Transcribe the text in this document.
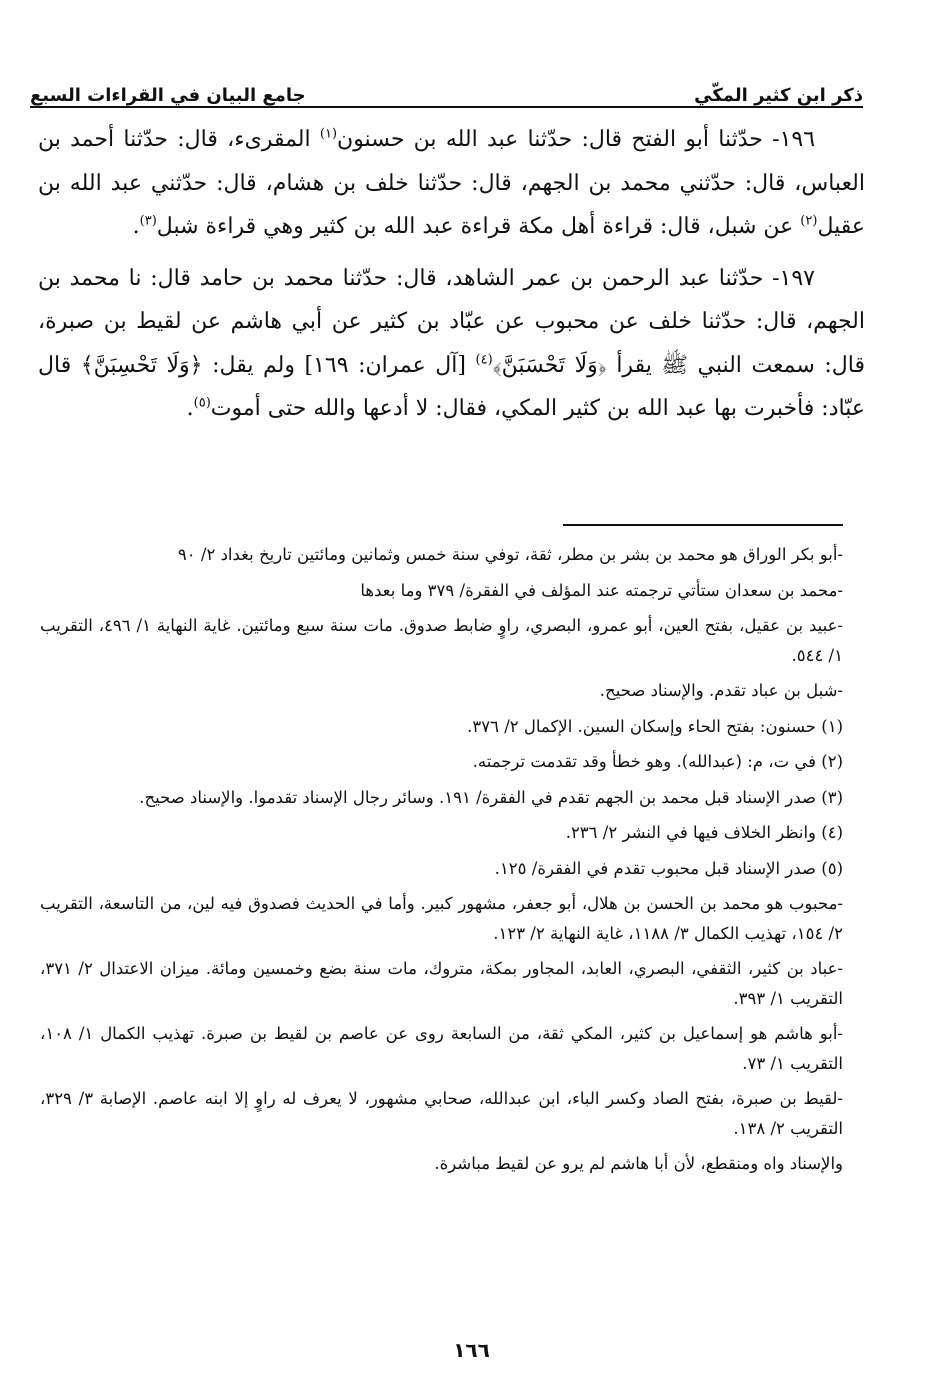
ذكر ابن كثير المكّي
جامع البيان في القراءات السبع

١٩٦- حدّثنا أبو الفتح قال: حدّثنا عبد الله بن حسنون$^{(١)}$ المقرىء، قال: حدّثنا أحمد بن العباس، قال: حدّثني محمد بن الجهم، قال: حدّثنا خلف بن هشام، قال: حدّثني عبد الله بن عقيل$^{(٢)}$ عن شبل، قال: قراءة أهل مكة قراءة عبد الله بن كثير وهي قراءة شبل$^{(٣)}$.

١٩٧- حدّثنا عبد الرحمن بن عمر الشاهد، قال: حدّثنا محمد بن حامد قال: نا محمد بن الجهم، قال: حدّثنا خلف عن محبوب عن عبّاد بن كثير عن أبي هاشم عن لقيط بن صبرة، قال: سمعت النبي ﷺ يقرأ ﴿وَلَا تَحْسَبَنَّ﴾$^{(٤)}$ [آل عمران: ١٦٩] ولم يقل: ﴿وَلَا تَحْسِبَنَّ﴾ قال عبّاد: فأخبرت بها عبد الله بن كثير المكي، فقال: لا أدعها والله حتى أموت$^{(٥)}$.

-أبو بكر الوراق هو محمد بن بشر بن مطر، ثقة، توفي سنة خمس وثمانين ومائتين تاريخ بغداد ٢/ ٩٠
-محمد بن سعدان ستأتي ترجمته عند المؤلف في الفقرة/ ٣٧٩ وما بعدها
-عبيد بن عقيل، بفتح العين، أبو عمرو، البصري، راوٍ ضابط صدوق. مات سنة سبع ومائتين. غاية النهاية ١/ ٤٩٦، التقريب ١/ ٥٤٤.
-شبل بن عباد تقدم. والإسناد صحيح.
(١) حسنون: بفتح الحاء وإسكان السين. الإكمال ٢/ ٣٧٦.
(٢) في ت، م: (عبدالله). وهو خطأ وقد تقدمت ترجمته.
(٣) صدر الإسناد قبل محمد بن الجهم تقدم في الفقرة/ ١٩١. وسائر رجال الإسناد تقدموا. والإسناد صحيح.
(٤) وانظر الخلاف فيها في النشر ٢/ ٢٣٦.
(٥) صدر الإسناد قبل محبوب تقدم في الفقرة/ ١٢٥.
-محبوب هو محمد بن الحسن بن هلال، أبو جعفر، مشهور كبير. وأما في الحديث فصدوق فيه لين، من التاسعة، التقريب ٢/ ١٥٤، تهذيب الكمال ٣/ ١١٨٨، غاية النهاية ٢/ ١٢٣.
-عباد بن كثير، الثقفي، البصري، العابد، المجاور بمكة، متروك، مات سنة بضع وخمسين ومائة. ميزان الاعتدال ٢/ ٣٧١، التقريب ١/ ٣٩٣.
-أبو هاشم هو إسماعيل بن كثير، المكي ثقة، من السابعة روى عن عاصم بن لقيط بن صبرة. تهذيب الكمال ١/ ١٠٨، التقريب ١/ ٧٣.
-لقيط بن صبرة، بفتح الصاد وكسر الباء، ابن عبدالله، صحابي مشهور، لا يعرف له راوٍ إلا ابنه عاصم. الإصابة ٣/ ٣٢٩، التقريب ٢/ ١٣٨.
والإسناد واه ومنقطع، لأن أبا هاشم لم يرو عن لقيط مباشرة.
١٦٦
